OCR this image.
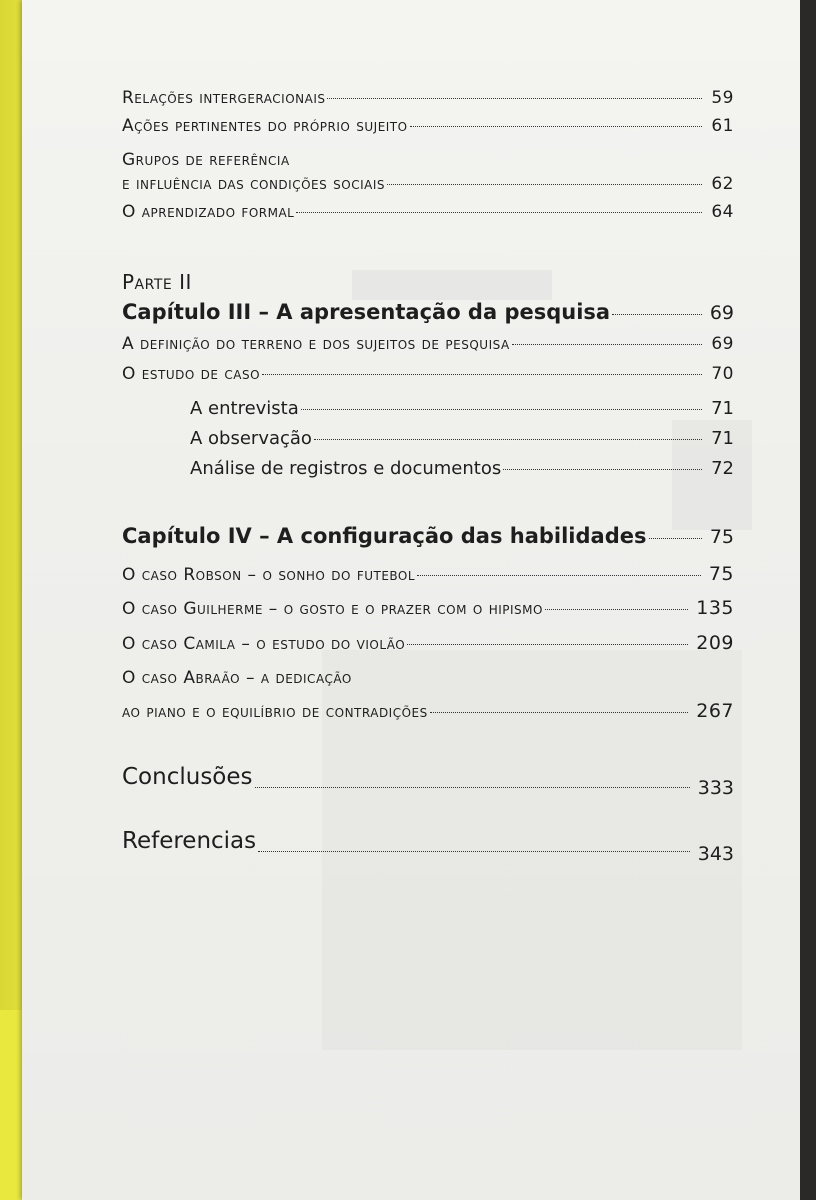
Relações intergeracionais	59
Ações pertinentes do próprio sujeito	61
Grupos de referência
e influência das condições sociais	62
O aprendizado formal	64
Parte II
Capítulo III – A apresentação da pesquisa	69
A definição do terreno e dos sujeitos de pesquisa	69
O estudo de caso	70
A entrevista	71
A observação	71
Análise de registros e documentos	72
Capítulo IV – A configuração das habilidades	75
O caso Robson – o sonho do futebol	75
O caso Guilherme – o gosto e o prazer com o hipismo	135
O caso Camila – o estudo do violão	209
O caso Abraão – a dedicação
ao piano e o equilíbrio de contradições	267
Conclusões	333
Referencias	343
